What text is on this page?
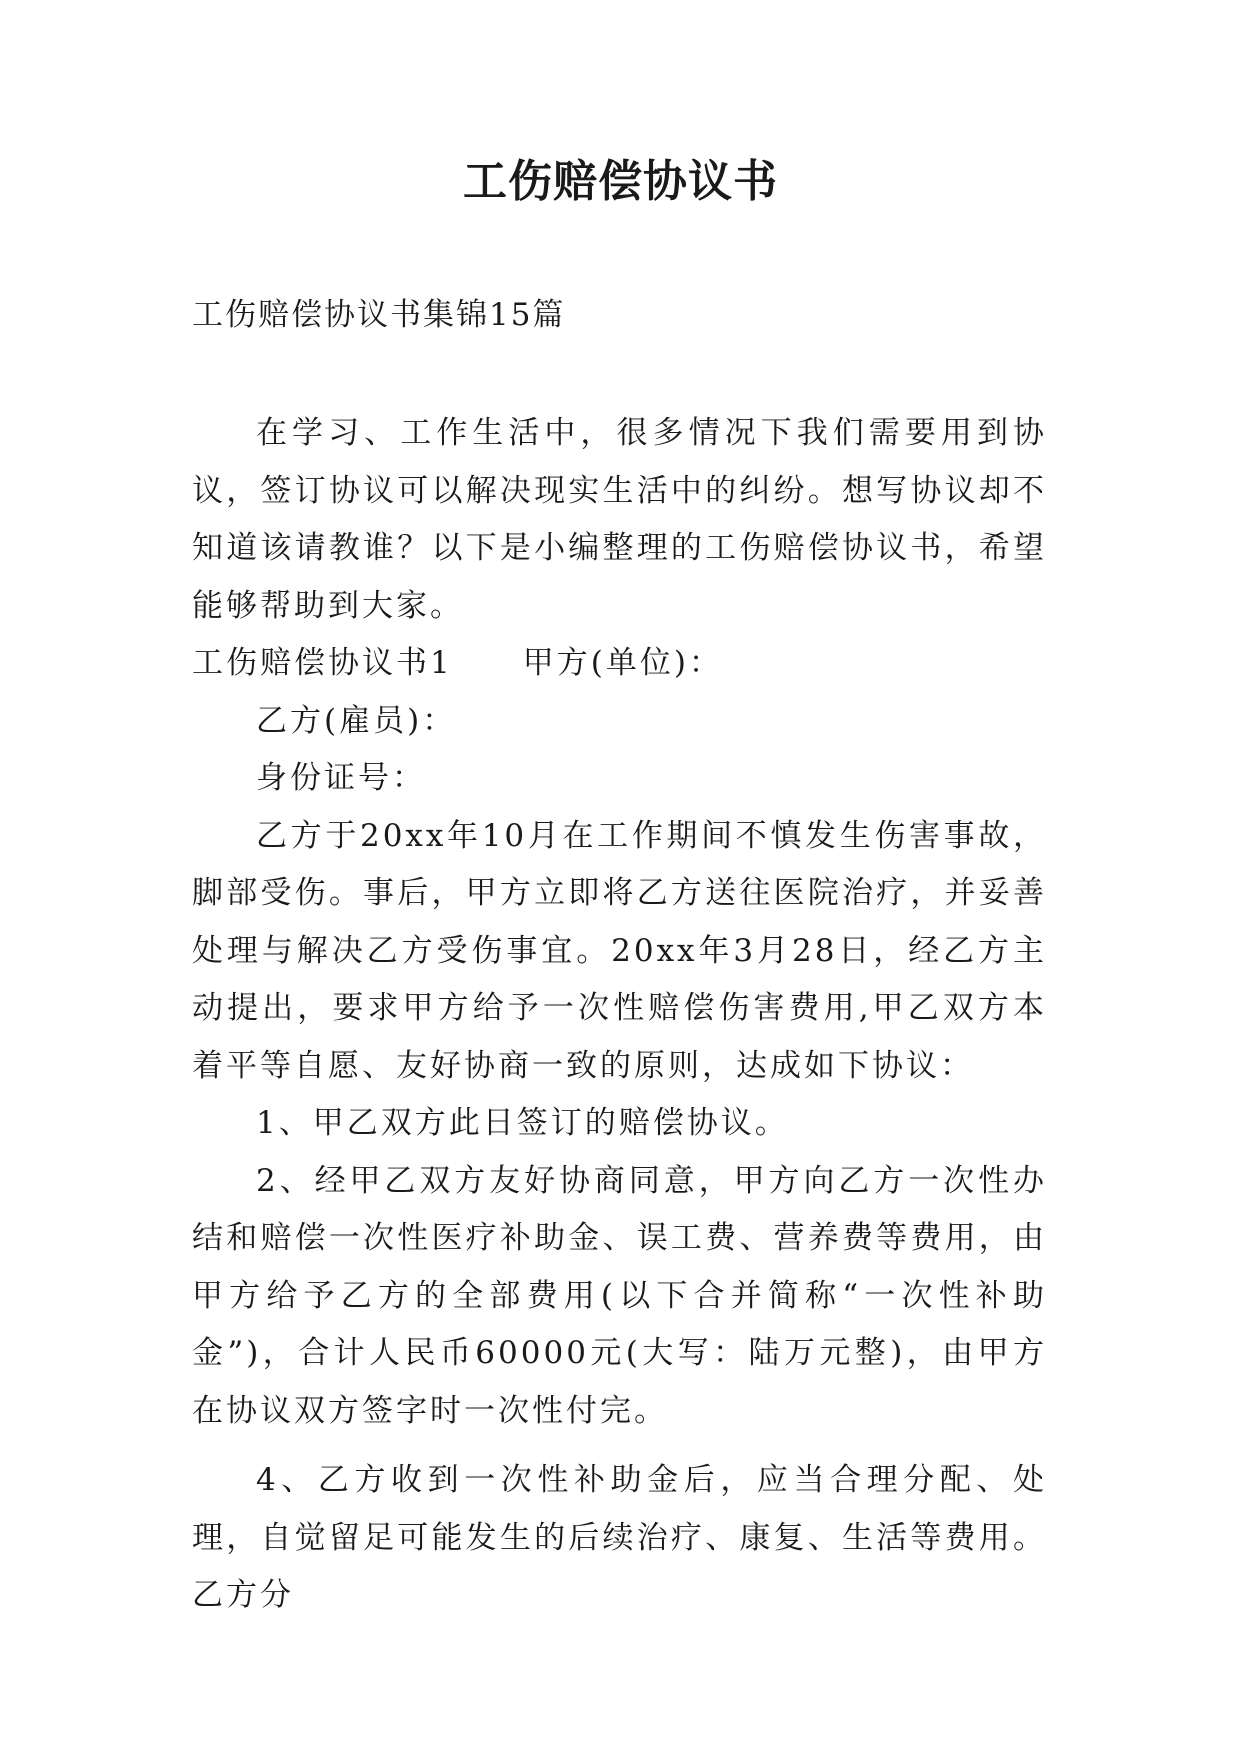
工伤赔偿协议书

工伤赔偿协议书集锦15篇

在学习、工作生活中，很多情况下我们需要用到协议，签订协议可以解决现实生活中的纠纷。想写协议却不知道该请教谁？以下是小编整理的工伤赔偿协议书，希望能够帮助到大家。

工伤赔偿协议书1 甲方(单位)：

乙方(雇员)：

身份证号：

乙方于20xx年10月在工作期间不慎发生伤害事故，脚部受伤。事后，甲方立即将乙方送往医院治疗，并妥善处理与解决乙方受伤事宜。20xx年3月28日，经乙方主动提出，要求甲方给予一次性赔偿伤害费用,甲乙双方本着平等自愿、友好协商一致的原则，达成如下协议：

1、甲乙双方此日签订的赔偿协议。

2、经甲乙双方友好协商同意，甲方向乙方一次性办结和赔偿一次性医疗补助金、误工费、营养费等费用，由甲方给予乙方的全部费用(以下合并简称“一次性补助金”)，合计人民币60000元(大写：陆万元整)，由甲方在协议双方签字时一次性付完。

4、乙方收到一次性补助金后，应当合理分配、处理，自觉留足可能发生的后续治疗、康复、生活等费用。乙方分
